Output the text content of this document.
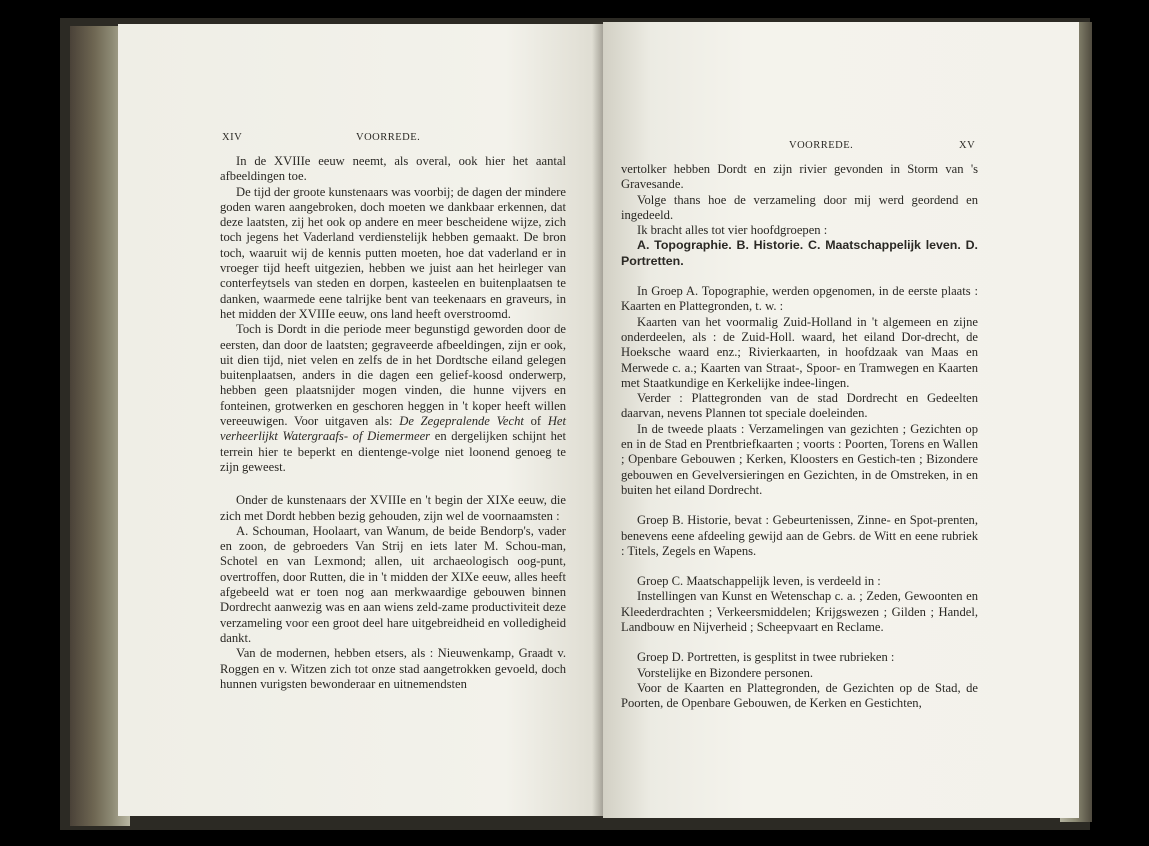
XIV	VOORREDE.

In de XVIIIe eeuw neemt, als overal, ook hier het aantal afbeeldingen toe.

De tijd der groote kunstenaars was voorbij; de dagen der mindere goden waren aangebroken, doch moeten we dankbaar erkennen, dat deze laatsten, zij het ook op andere en meer bescheidene wijze, zich toch jegens het Vaderland verdienstelijk hebben gemaakt. De bron toch, waaruit wij de kennis putten moeten, hoe dat vaderland er in vroeger tijd heeft uitgezien, hebben we juist aan het heirleger van conterfeytsels van steden en dorpen, kasteelen en buitenplaatsen te danken, waarmede eene talrijke bent van teekenaars en graveurs, in het midden der XVIIIe eeuw, ons land heeft overstroomd.

Toch is Dordt in die periode meer begunstigd geworden door de eersten, dan door de laatsten; gegraveerde afbeeldingen, zijn er ook, uit dien tijd, niet velen en zelfs de in het Dordtsche eiland gelegen buitenplaatsen, anders in die dagen een gelief-koosd onderwerp, hebben geen plaatsnijder mogen vinden, die hunne vijvers en fonteinen, grotwerken en geschoren heggen in 't koper heeft willen vereeuwigen. Voor uitgaven als: De Zegepralende Vecht of Het verheerlijkt Watergraafs- of Diemermeer en dergelijken schijnt het terrein hier te beperkt en dientenge-volge niet loonend genoeg te zijn geweest.

Onder de kunstenaars der XVIIIe en 't begin der XIXe eeuw, die zich met Dordt hebben bezig gehouden, zijn wel de voornaamsten :

A. Schouman, Hoolaart, van Wanum, de beide Bendorp's, vader en zoon, de gebroeders Van Strij en iets later M. Schou-man, Schotel en van Lexmond; allen, uit archaeologisch oog-punt, overtroffen, door Rutten, die in 't midden der XIXe eeuw, alles heeft afgebeeld wat er toen nog aan merkwaardige gebouwen binnen Dordrecht aanwezig was en aan wiens zeld-zame productiviteit deze verzameling voor een groot deel hare uitgebreidheid en volledigheid dankt.

Van de modernen, hebben etsers, als : Nieuwenkamp, Graadt v. Roggen en v. Witzen zich tot onze stad aangetrokken gevoeld, doch hunnen vurigsten bewonderaar en uitnemendsten

VOORREDE.	XV

vertolker hebben Dordt en zijn rivier gevonden in Storm van 's Gravesande.

Volge thans hoe de verzameling door mij werd geordend en ingedeeld.

Ik bracht alles tot vier hoofdgroepen :

A. Topographie. B. Historie. C. Maatschappelijk leven. D. Portretten.

In Groep A. Topographie, werden opgenomen, in de eerste plaats : Kaarten en Plattegronden, t. w. :

Kaarten van het voormalig Zuid-Holland in 't algemeen en zijne onderdeelen, als : de Zuid-Holl. waard, het eiland Dor-drecht, de Hoeksche waard enz.; Rivierkaarten, in hoofdzaak van Maas en Merwede c. a.; Kaarten van Straat-, Spoor- en Tramwegen en Kaarten met Staatkundige en Kerkelijke indee-lingen.

Verder : Plattegronden van de stad Dordrecht en Gedeelten daarvan, nevens Plannen tot speciale doeleinden.

In de tweede plaats : Verzamelingen van gezichten ; Gezichten op en in de Stad en Prentbriefkaarten ; voorts : Poorten, Torens en Wallen ; Openbare Gebouwen ; Kerken, Kloosters en Gestich-ten ; Bizondere gebouwen en Gevelversieringen en Gezichten, in de Omstreken, in en buiten het eiland Dordrecht.

Groep B. Historie, bevat : Gebeurtenissen, Zinne- en Spot-prenten, benevens eene afdeeling gewijd aan de Gebrs. de Witt en eene rubriek : Titels, Zegels en Wapens.

Groep C. Maatschappelijk leven, is verdeeld in :

Instellingen van Kunst en Wetenschap c. a. ; Zeden, Gewoonten en Kleederdrachten ; Verkeersmiddelen; Krijgswezen ; Gilden ; Handel, Landbouw en Nijverheid ; Scheepvaart en Reclame.

Groep D. Portretten, is gesplitst in twee rubrieken :

Vorstelijke en Bizondere personen.

Voor de Kaarten en Plattegronden, de Gezichten op de Stad, de Poorten, de Openbare Gebouwen, de Kerken en Gestichten,
